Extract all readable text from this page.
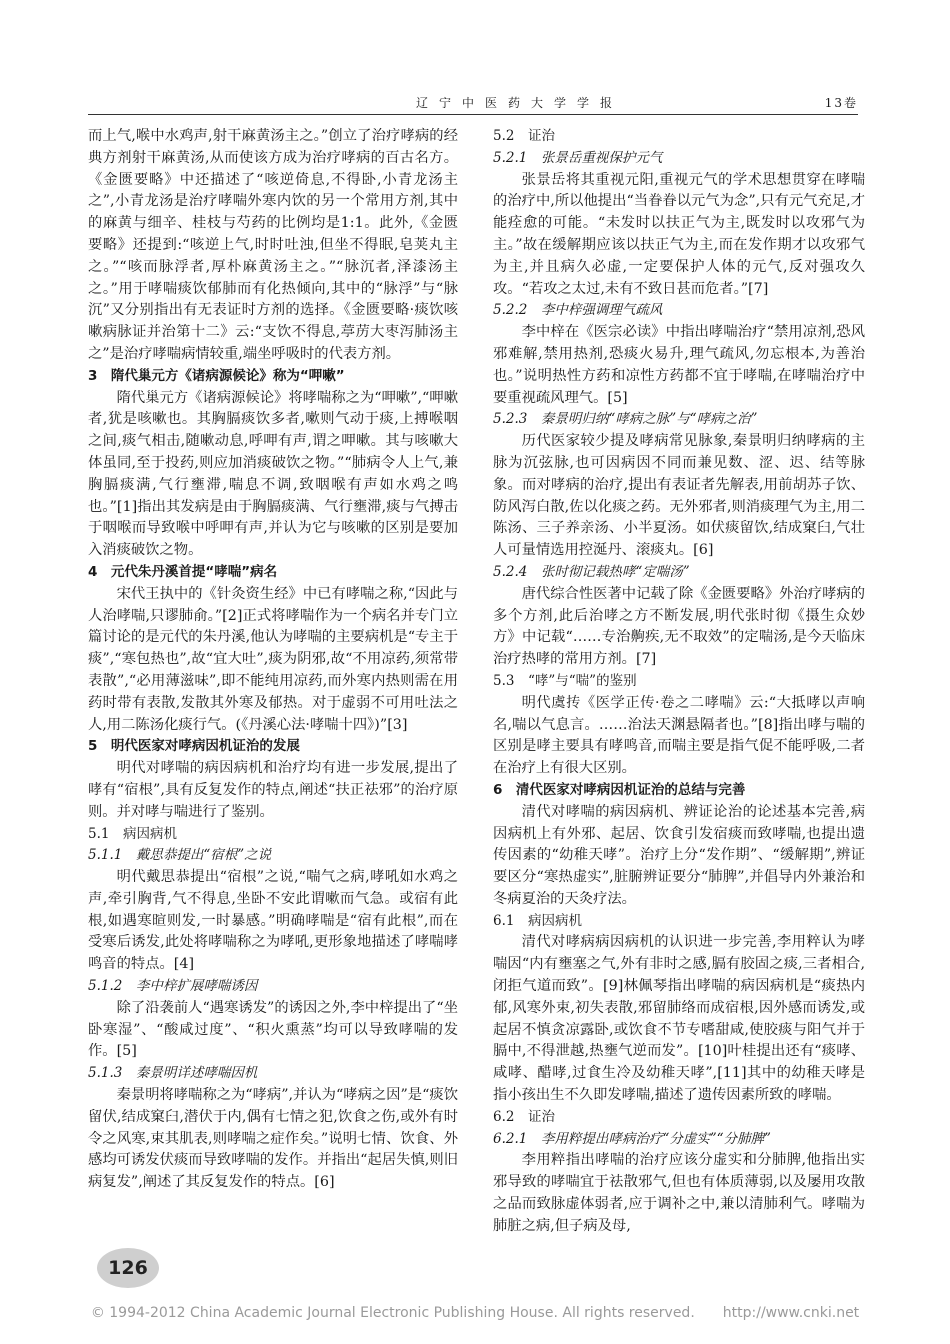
辽宁中医药大学学报	13卷

而上气,喉中水鸡声,射干麻黄汤主之。”创立了治疗哮病的经典方剂射干麻黄汤,从而使该方成为治疗哮病的百古名方。《金匮要略》中还描述了“咳逆倚息,不得卧,小青龙汤主之”,小青龙汤是治疗哮喘外寒内饮的另一个常用方剂,其中的麻黄与细辛、桂枝与芍药的比例均是1:1。此外,《金匮要略》还提到:“咳逆上气,时时吐浊,但坐不得眠,皂荚丸主之。”“咳而脉浮者,厚朴麻黄汤主之。”“脉沉者,泽漆汤主之。”用于哮喘痰饮郁肺而有化热倾向,其中的“脉浮”与“脉沉”又分别指出有无表证时方剂的选择。《金匮要略·痰饮咳嗽病脉证并治第十二》云:“支饮不得息,葶苈大枣泻肺汤主之”是治疗哮喘病情较重,端坐呼吸时的代表方剂。

3　隋代巢元方《诸病源候论》称为“呷嗽”

隋代巢元方《诸病源候论》将哮喘称之为“呷嗽”,“呷嗽者,犹是咳嗽也。其胸膈痰饮多者,嗽则气动于痰,上搏喉咽之间,痰气相击,随嗽动息,呼呷有声,谓之呷嗽。其与咳嗽大体虽同,至于投药,则应加消痰破饮之物。”“肺病令人上气,兼胸膈痰满,气行壅滞,喘息不调,致咽喉有声如水鸡之鸣也。”[1]指出其发病是由于胸膈痰满、气行壅滞,痰与气搏击于咽喉而导致喉中呼呷有声,并认为它与咳嗽的区别是要加入消痰破饮之物。

4　元代朱丹溪首提“哮喘”病名

宋代王执中的《针灸资生经》中已有哮喘之称,“因此与人治哮喘,只谬肺俞。”[2]正式将哮喘作为一个病名并专门立篇讨论的是元代的朱丹溪,他认为哮喘的主要病机是“专主于痰”,“寒包热也”,故“宜大吐”,痰为阴邪,故“不用凉药,须常带表散”,“必用薄滋味”,即不能纯用凉药,而外寒内热则需在用药时带有表散,发散其外寒及郁热。对于虚弱不可用吐法之人,用二陈汤化痰行气。(《丹溪心法·哮喘十四》)”[3]

5　明代医家对哮病因机证治的发展

明代对哮喘的病因病机和治疗均有进一步发展,提出了哮有“宿根”,具有反复发作的特点,阐述“扶正祛邪”的治疗原则。并对哮与喘进行了鉴别。

5.1　病因病机

5.1.1　戴思恭提出“宿根”之说

明代戴思恭提出“宿根”之说,“喘气之病,哮吼如水鸡之声,牵引胸背,气不得息,坐卧不安此谓嗽而气急。或宿有此根,如遇寒暄则发,一时暴感。”明确哮喘是“宿有此根”,而在受寒后诱发,此处将哮喘称之为哮吼,更形象地描述了哮喘哮鸣音的特点。[4]

5.1.2　李中梓扩展哮喘诱因

除了沿袭前人“遇寒诱发”的诱因之外,李中梓提出了“坐卧寒湿”、“酸咸过度”、“积火熏蒸”均可以导致哮喘的发作。[5]

5.1.3　秦景明详述哮喘因机

秦景明将哮喘称之为“哮病”,并认为“哮病之因”是“痰饮留伏,结成窠臼,潜伏于内,偶有七情之犯,饮食之伤,或外有时令之风寒,束其肌表,则哮喘之症作矣。”说明七情、饮食、外感均可诱发伏痰而导致哮喘的发作。并指出“起居失慎,则旧病复发”,阐述了其反复发作的特点。[6]

5.2　证治

5.2.1　张景岳重视保护元气

张景岳将其重视元阳,重视元气的学术思想贯穿在哮喘的治疗中,所以他提出“当眷眷以元气为念”,只有元气充足,才能痊愈的可能。“未发时以扶正气为主,既发时以攻邪气为主。”故在缓解期应该以扶正气为主,而在发作期才以攻邪气为主,并且病久必虚,一定要保护人体的元气,反对强攻久攻。“若攻之太过,未有不致日甚而危者。”[7]

5.2.2　李中梓强调理气疏风

李中梓在《医宗必读》中指出哮喘治疗“禁用凉剂,恐风邪难解,禁用热剂,恐痰火易升,理气疏风,勿忘根本,为善治也。”说明热性方药和凉性方药都不宜于哮喘,在哮喘治疗中要重视疏风理气。[5]

5.2.3　秦景明归纳“哮病之脉”与“哮病之治”

历代医家较少提及哮病常见脉象,秦景明归纳哮病的主脉为沉弦脉,也可因病因不同而兼见数、涩、迟、结等脉象。而对哮病的治疗,提出有表证者先解表,用前胡苏子饮、防风泻白散,佐以化痰之药。无外邪者,则消痰理气为主,用二陈汤、三子养亲汤、小半夏汤。如伏痰留饮,结成窠臼,气壮人可量情选用控涎丹、滚痰丸。[6]

5.2.4　张时彻记载热哮“定喘汤”

唐代综合性医著中记载了除《金匮要略》外治疗哮病的多个方剂,此后治哮之方不断发展,明代张时彻《摄生众妙方》中记载“……专治齁疾,无不取效”的定喘汤,是今天临床治疗热哮的常用方剂。[7]

5.3　“哮”与“喘”的鉴别

明代虞抟《医学正传·卷之二哮喘》云:“大抵哮以声响名,喘以气息言。……治法天渊悬隔者也。”[8]指出哮与喘的区别是哮主要具有哮鸣音,而喘主要是指气促不能呼吸,二者在治疗上有很大区别。

6　清代医家对哮病因机证治的总结与完善

清代对哮喘的病因病机、辨证论治的论述基本完善,病因病机上有外邪、起居、饮食引发宿痰而致哮喘,也提出遗传因素的“幼稚天哮”。治疗上分“发作期”、“缓解期”,辨证要区分“寒热虚实”,脏腑辨证要分“肺脾”,并倡导内外兼治和冬病夏治的天灸疗法。

6.1　病因病机

清代对哮病病因病机的认识进一步完善,李用粹认为哮喘因“内有壅塞之气,外有非时之感,膈有胶固之痰,三者相合,闭拒气道而致”。[9]林佩琴指出哮喘的病因病机是“痰热内郁,风寒外束,初失表散,邪留肺络而成宿根,因外感而诱发,或起居不慎贪凉露卧,或饮食不节专嗜甜咸,使胶痰与阳气并于膈中,不得泄越,热壅气逆而发”。[10]叶桂提出还有“痰哮、咸哮、醋哮,过食生冷及幼稚天哮”,[11]其中的幼稚天哮是指小孩出生不久即发哮喘,描述了遗传因素所致的哮喘。

6.2　证治

6.2.1　李用粹提出哮病治疗“分虚实”“分肺脾”

李用粹指出哮喘的治疗应该分虚实和分肺脾,他指出实邪导致的哮喘宜于祛散邪气,但也有体质薄弱,以及屡用攻散之品而致脉虚体弱者,应于调补之中,兼以清肺利气。哮喘为肺脏之病,但子病及母,

126
© 1994-2012 China Academic Journal Electronic Publishing House. All rights reserved.　　http://www.cnki.net
